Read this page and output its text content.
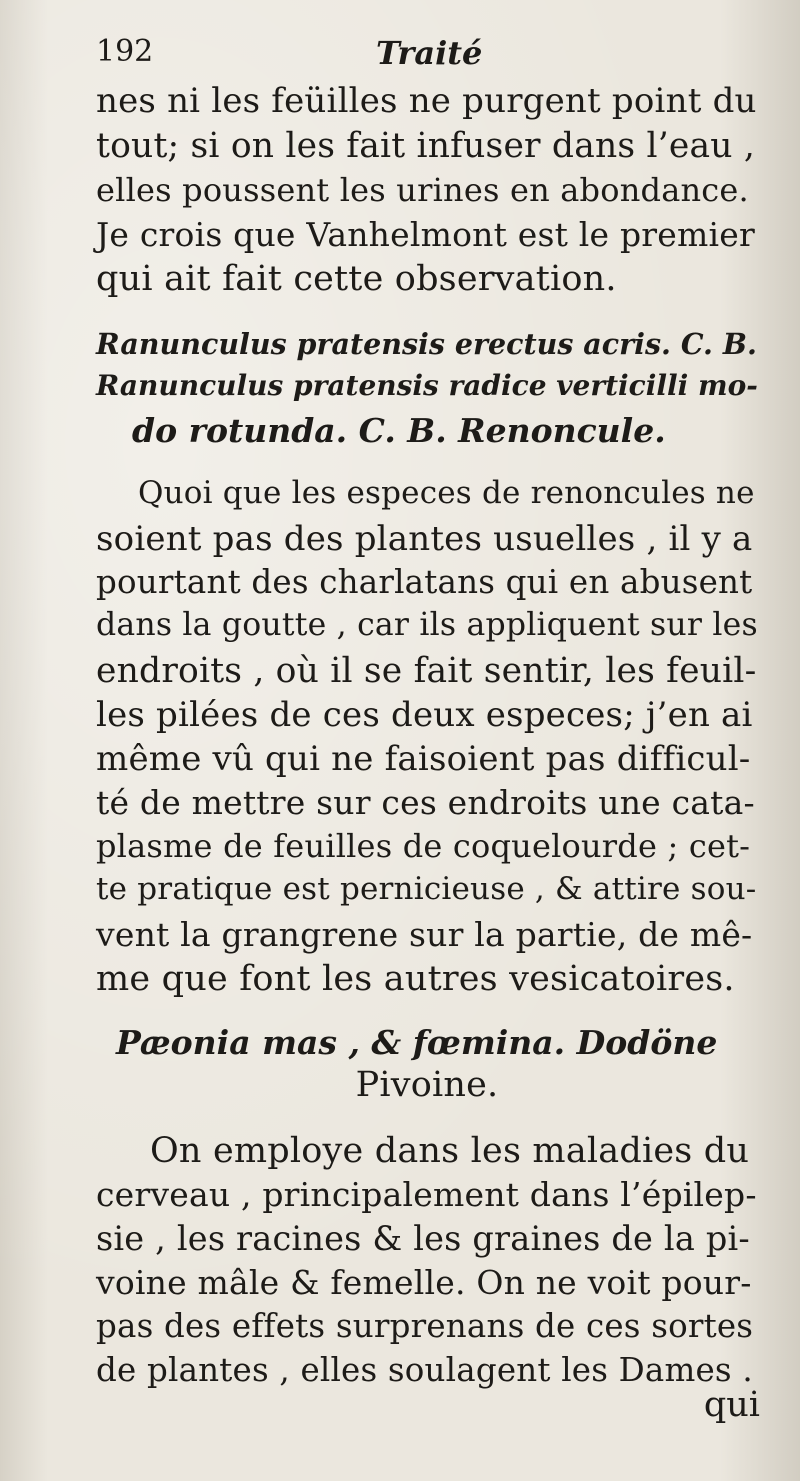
192	Traité
nes ni les feüilles ne purgent point du
tout; si on les fait infuser dans l’eau ,
elles poussent les urines en abondance.
Je crois que Vanhelmont est le premier
qui ait fait cette observation.
Ranunculus pratensis erectus acris. C. B.
Ranunculus pratensis radice verticilli mo-
do rotunda. C. B. Renoncule.
Quoi que les especes de renoncules ne
soient pas des plantes usuelles , il y a
pourtant des charlatans qui en abusent
dans la goutte , car ils appliquent sur les
endroits , où il se fait sentir, les feuil-
les pilées de ces deux especes; j’en ai
même vû qui ne faisoient pas difficul-
té de mettre sur ces endroits une cata-
plasme de feuilles de coquelourde ; cet-
te pratique est pernicieuse , & attire sou-
vent la grangrene sur la partie, de mê-
me que font les autres vesicatoires.
Pæonia mas , & fœmina. Dodöne
Pivoine.
On employe dans les maladies du
cerveau , principalement dans l’épilep-
sie , les racines & les graines de la pi-
voine mâle & femelle. On ne voit pour-
pas des effets surprenans de ces sortes
de plantes , elles soulagent les Dames .
qui
